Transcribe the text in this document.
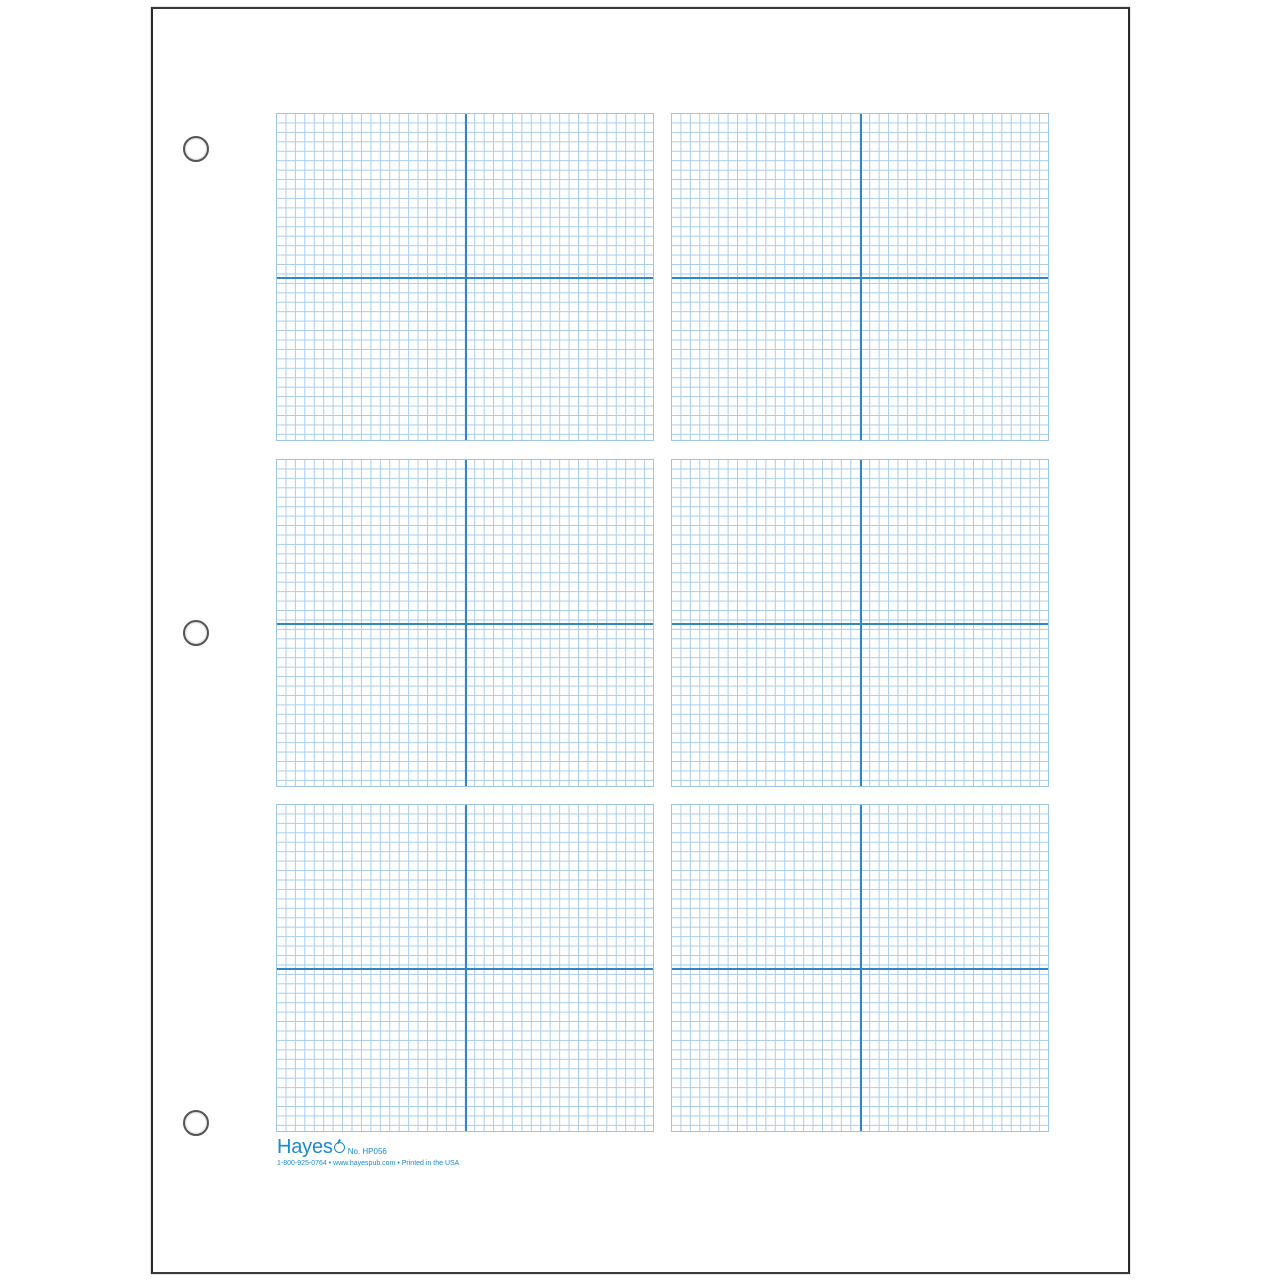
Hayes No. HP056
1-800-925-0764 • www.hayespub.com • Printed in the USA
